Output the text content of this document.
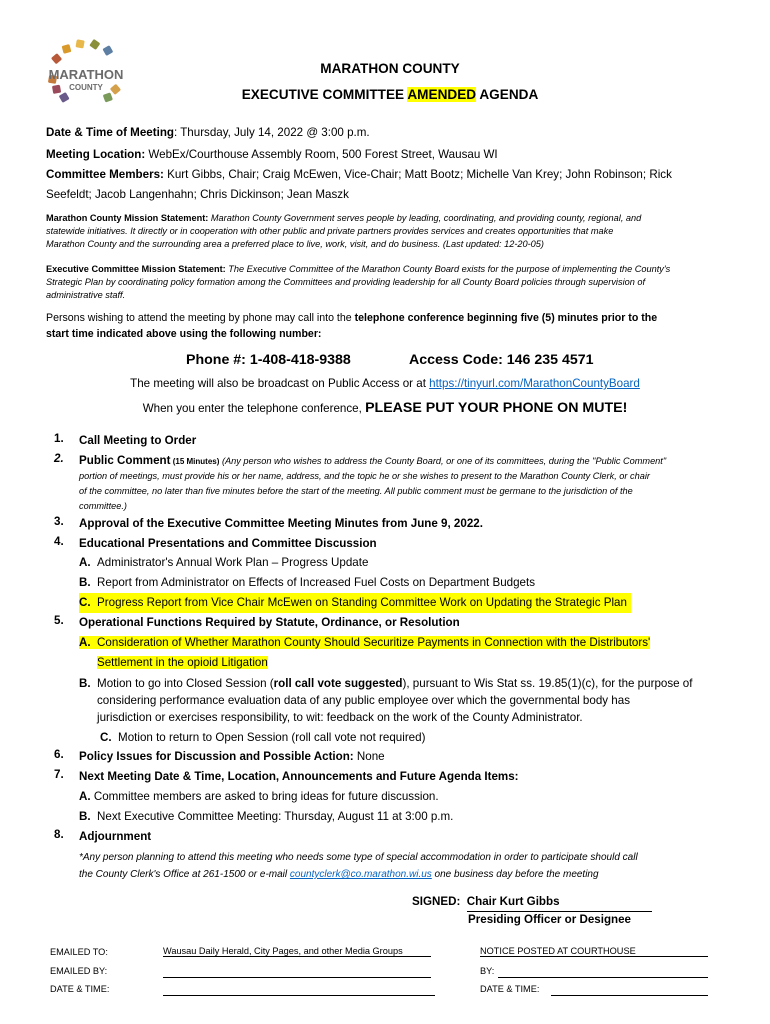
MARATHON
COUNTY
MARATHON COUNTY
EXECUTIVE COMMITTEE AMENDED AGENDA
Date & Time of Meeting: Thursday, July 14, 2022 @ 3:00 p.m.
Meeting Location: WebEx/Courthouse Assembly Room, 500 Forest Street, Wausau WI
Committee Members: Kurt Gibbs, Chair; Craig McEwen, Vice-Chair; Matt Bootz; Michelle Van Krey; John Robinson; Rick
Seefeldt; Jacob Langenhahn; Chris Dickinson; Jean Maszk
Marathon County Mission Statement: Marathon County Government serves people by leading, coordinating, and providing county, regional, and
statewide initiatives. It directly or in cooperation with other public and private partners provides services and creates opportunities that make
Marathon County and the surrounding area a preferred place to live, work, visit, and do business. (Last updated: 12-20-05)
Executive Committee Mission Statement: The Executive Committee of the Marathon County Board exists for the purpose of implementing the County's
Strategic Plan by coordinating policy formation among the Committees and providing leadership for all County Board policies through supervision of
administrative staff.
Persons wishing to attend the meeting by phone may call into the telephone conference beginning five (5) minutes prior to the
start time indicated above using the following number:
Phone #: 1-408-418-9388	Access Code: 146 235 4571
The meeting will also be broadcast on Public Access or at https://tinyurl.com/MarathonCountyBoard
When you enter the telephone conference, PLEASE PUT YOUR PHONE ON MUTE!
1. Call Meeting to Order
2. Public Comment (15 Minutes) (Any person who wishes to address the County Board, or one of its committees, during the "Public Comment"
portion of meetings, must provide his or her name, address, and the topic he or she wishes to present to the Marathon County Clerk, or chair
of the committee, no later than five minutes before the start of the meeting. All public comment must be germane to the jurisdiction of the
committee.)
3. Approval of the Executive Committee Meeting Minutes from June 9, 2022.
4. Educational Presentations and Committee Discussion
A. Administrator's Annual Work Plan – Progress Update
B. Report from Administrator on Effects of Increased Fuel Costs on Department Budgets
C. Progress Report from Vice Chair McEwen on Standing Committee Work on Updating the Strategic Plan
5. Operational Functions Required by Statute, Ordinance, or Resolution
A. Consideration of Whether Marathon County Should Securitize Payments in Connection with the Distributors'
Settlement in the opioid Litigation
B. Motion to go into Closed Session (roll call vote suggested), pursuant to Wis Stat ss. 19.85(1)(c), for the purpose of
considering performance evaluation data of any public employee over which the governmental body has
jurisdiction or exercises responsibility, to wit: feedback on the work of the County Administrator.
C. Motion to return to Open Session (roll call vote not required)
6. Policy Issues for Discussion and Possible Action: None
7. Next Meeting Date & Time, Location, Announcements and Future Agenda Items:
A. Committee members are asked to bring ideas for future discussion.
B. Next Executive Committee Meeting: Thursday, August 11 at 3:00 p.m.
8. Adjournment
*Any person planning to attend this meeting who needs some type of special accommodation in order to participate should call
the County Clerk's Office at 261-1500 or e-mail countyclerk@co.marathon.wi.us one business day before the meeting
SIGNED: Chair Kurt Gibbs
Presiding Officer or Designee
EMAILED TO:	Wausau Daily Herald, City Pages, and other Media Groups
EMAILED BY:
DATE & TIME:
NOTICE POSTED AT COURTHOUSE
BY:
DATE & TIME:
